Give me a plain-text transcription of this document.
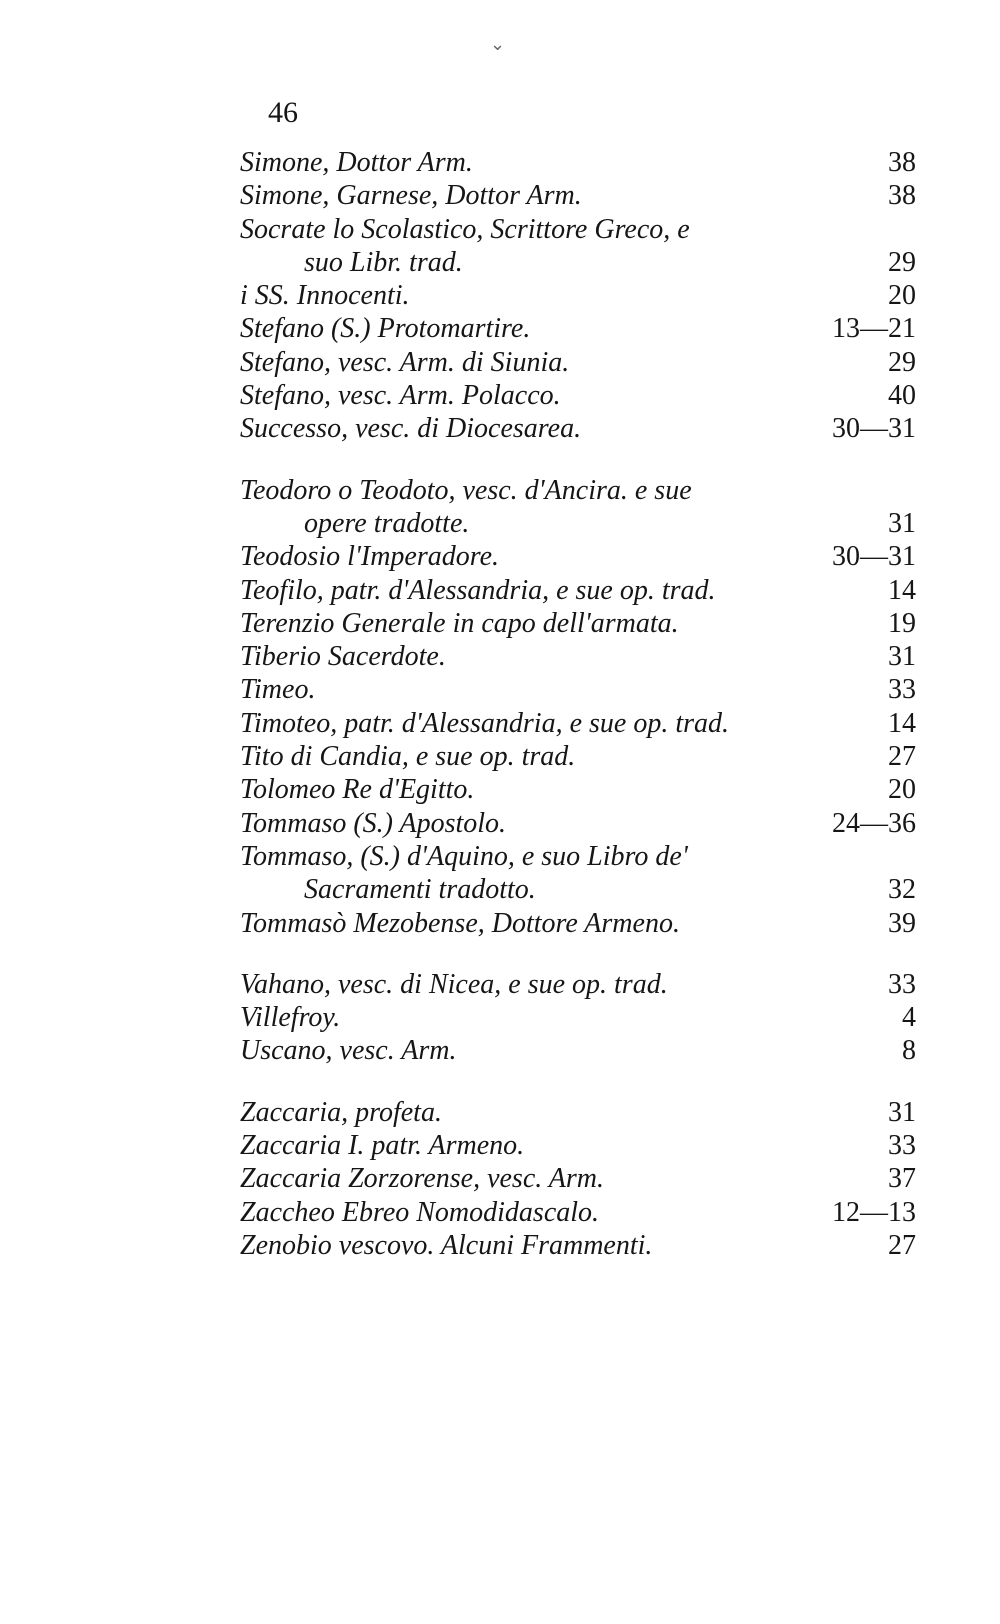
46
⌄
Simone, Dottor Arm.	38
Simone, Garnese, Dottor Arm.	38
Socrate lo Scolastico, Scrittore Greco, e
suo Libr. trad.	29
i SS. Innocenti.	20
Stefano (S.) Protomartire.	13—21
Stefano, vesc. Arm. di Siunia.	29
Stefano, vesc. Arm. Polacco.	40
Successo, vesc. di Diocesarea.	30—31
Teodoro o Teodoto, vesc. d'Ancira. e sue
opere tradotte.	31
Teodosio l'Imperadore.	30—31
Teofilo, patr. d'Alessandria, e sue op. trad.	14
Terenzio Generale in capo dell'armata.	19
Tiberio Sacerdote.	31
Timeo.	33
Timoteo, patr. d'Alessandria, e sue op. trad.	14
Tito di Candia, e sue op. trad.	27
Tolomeo Re d'Egitto.	20
Tommaso (S.) Apostolo.	24—36
Tommaso, (S.) d'Aquino, e suo Libro de'
Sacramenti tradotto.	32
Tommasò Mezobense, Dottore Armeno.	39
Vahano, vesc. di Nicea, e sue op. trad.	33
Villefroy.	4
Uscano, vesc. Arm.	8
Zaccaria, profeta.	31
Zaccaria I. patr. Armeno.	33
Zaccaria Zorzorense, vesc. Arm.	37
Zaccheo Ebreo Nomodidascalo.	12—13
Zenobio vescovo. Alcuni Frammenti.	27
